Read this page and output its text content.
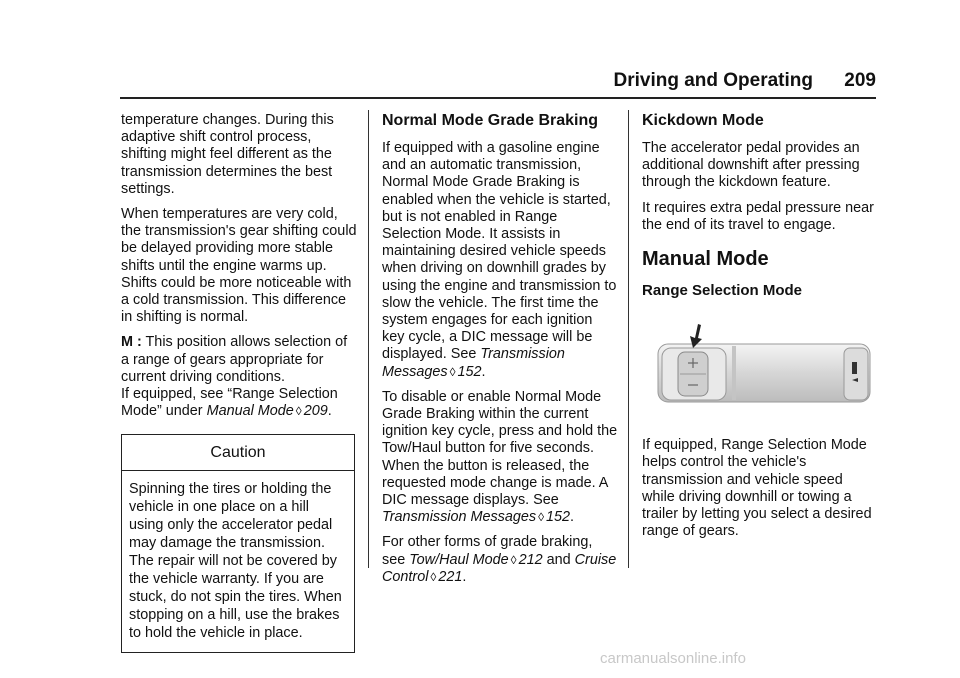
Driving and Operating 209

temperature changes. During this adaptive shift control process, shifting might feel different as the transmission determines the best settings.

When temperatures are very cold, the transmission's gear shifting could be delayed providing more stable shifts until the engine warms up. Shifts could be more noticeable with a cold transmission. This difference in shifting is normal.

M : This position allows selection of a range of gears appropriate for current driving conditions.
If equipped, see “Range Selection Mode” under Manual Mode ◊ 209.

Caution
Spinning the tires or holding the vehicle in one place on a hill using only the accelerator pedal may damage the transmission. The repair will not be covered by the vehicle warranty. If you are stuck, do not spin the tires. When stopping on a hill, use the brakes to hold the vehicle in place.
Normal Mode Grade Braking

If equipped with a gasoline engine and an automatic transmission, Normal Mode Grade Braking is enabled when the vehicle is started, but is not enabled in Range Selection Mode. It assists in maintaining desired vehicle speeds when driving on downhill grades by using the engine and transmission to slow the vehicle. The first time the system engages for each ignition key cycle, a DIC message will be displayed. See Transmission Messages ◊ 152.

To disable or enable Normal Mode Grade Braking within the current ignition key cycle, press and hold the Tow/Haul button for five seconds. When the button is released, the requested mode change is made. A DIC message displays. See Transmission Messages ◊ 152.

For other forms of grade braking, see Tow/Haul Mode ◊ 212 and Cruise Control ◊ 221.

Kickdown Mode

The accelerator pedal provides an additional downshift after pressing through the kickdown feature.

It requires extra pedal pressure near the end of its travel to engage.

Manual Mode
Range Selection Mode

If equipped, Range Selection Mode helps control the vehicle's transmission and vehicle speed while driving downhill or towing a trailer by letting you select a desired range of gears.

carmanualsonline.info
